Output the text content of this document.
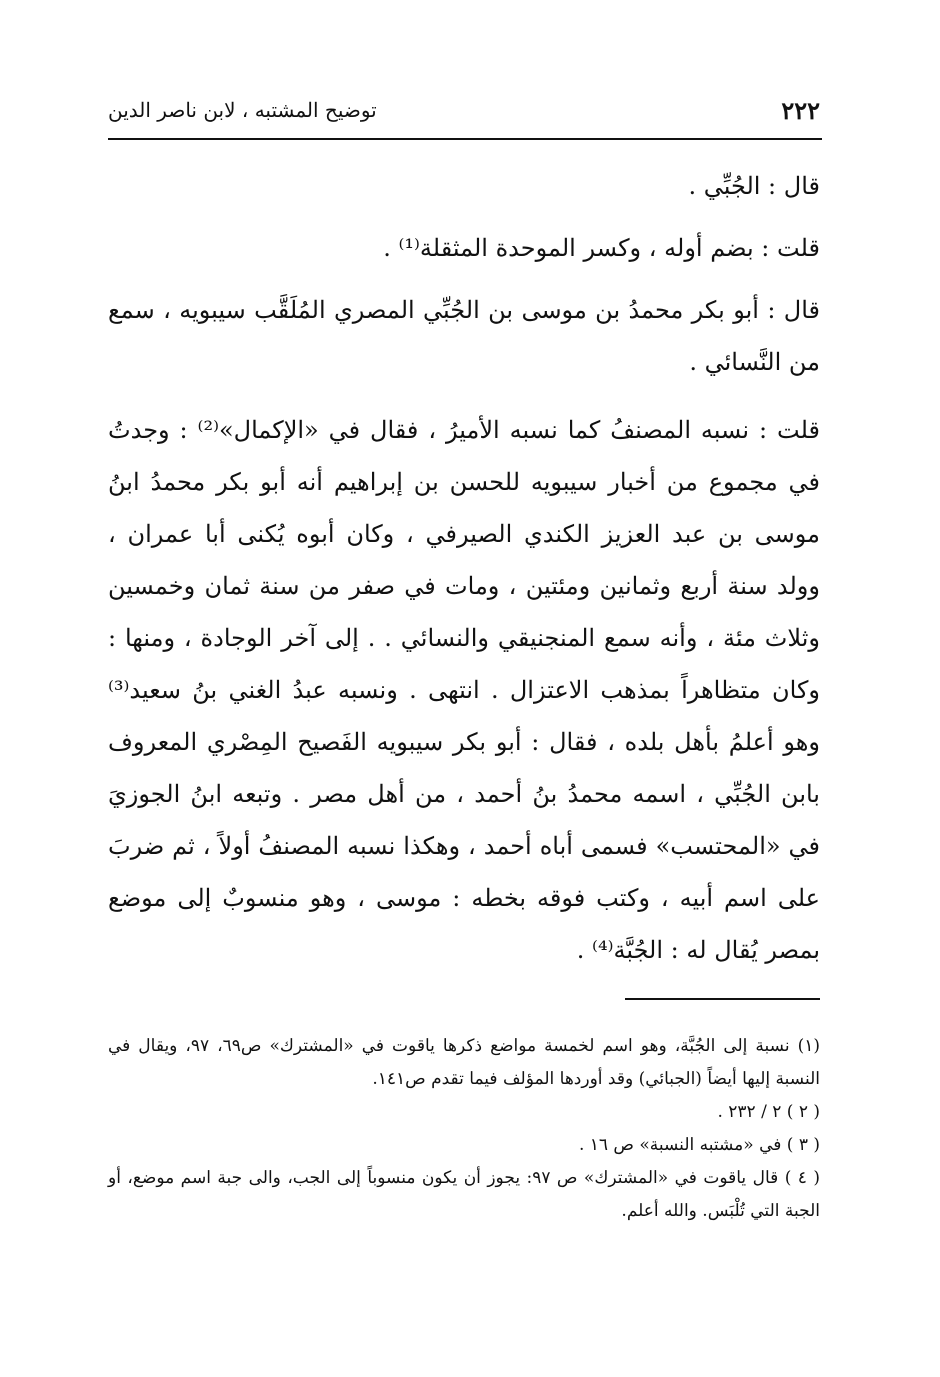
٢٢٢
توضيح المشتبه ، لابن ناصر الدين

قال : الجُبِّي .

قلت : بضم أوله ، وكسر الموحدة المثقلة⁽¹⁾ .

قال : أبو بكر محمدُ بن موسى بن الجُبِّي المصري المُلَقَّب سيبويه ، سمع من النَّسائي .

قلت : نسبه المصنفُ كما نسبه الأميرُ ، فقال في «الإكمال»⁽²⁾ : وجدتُ في مجموع من أخبار سيبويه للحسن بن إبراهيم أنه أبو بكر محمدُ ابنُ موسى بن عبد العزيز الكندي الصيرفي ، وكان أبوه يُكنى أبا عمران ، وولد سنة أربع وثمانين ومئتين ، ومات في صفر من سنة ثمان وخمسين وثلاث مئة ، وأنه سمع المنجنيقي والنسائي . . إلى آخر الوجادة ، ومنها : وكان متظاهراً بمذهب الاعتزال . انتهى . ونسبه عبدُ الغني بنُ سعيد⁽³⁾ وهو أعلمُ بأهل بلده ، فقال : أبو بكر سيبويه الفَصيح المِصْري المعروف بابن الجُبِّي ، اسمه محمدُ بنُ أحمد ، من أهل مصر . وتبعه ابنُ الجوزيَ في «المحتسب» فسمى أباه أحمد ، وهكذا نسبه المصنفُ أولاً ، ثم ضربَ على اسم أبيه ، وكتب فوقه بخطه : موسى ، وهو منسوبٌ إلى موضع بمصر يُقال له : الجُبَّة⁽⁴⁾ .

(١) نسبة إلى الجُبَّة، وهو اسم لخمسة مواضع ذكرها ياقوت في «المشترك» ص٦٩، ٩٧، ويقال في النسبة إليها أيضاً (الجبائي) وقد أوردها المؤلف فيما تقدم ص١٤١.

( ٢ ) ٢ / ٢٣٢ .

( ٣ ) في «مشتبه النسبة» ص ١٦ .

( ٤ ) قال ياقوت في «المشترك» ص ٩٧: يجوز أن يكون منسوباً إلى الجب، والى جبة اسم موضع، أو الجبة التي تُلْبَس. والله أعلم.
